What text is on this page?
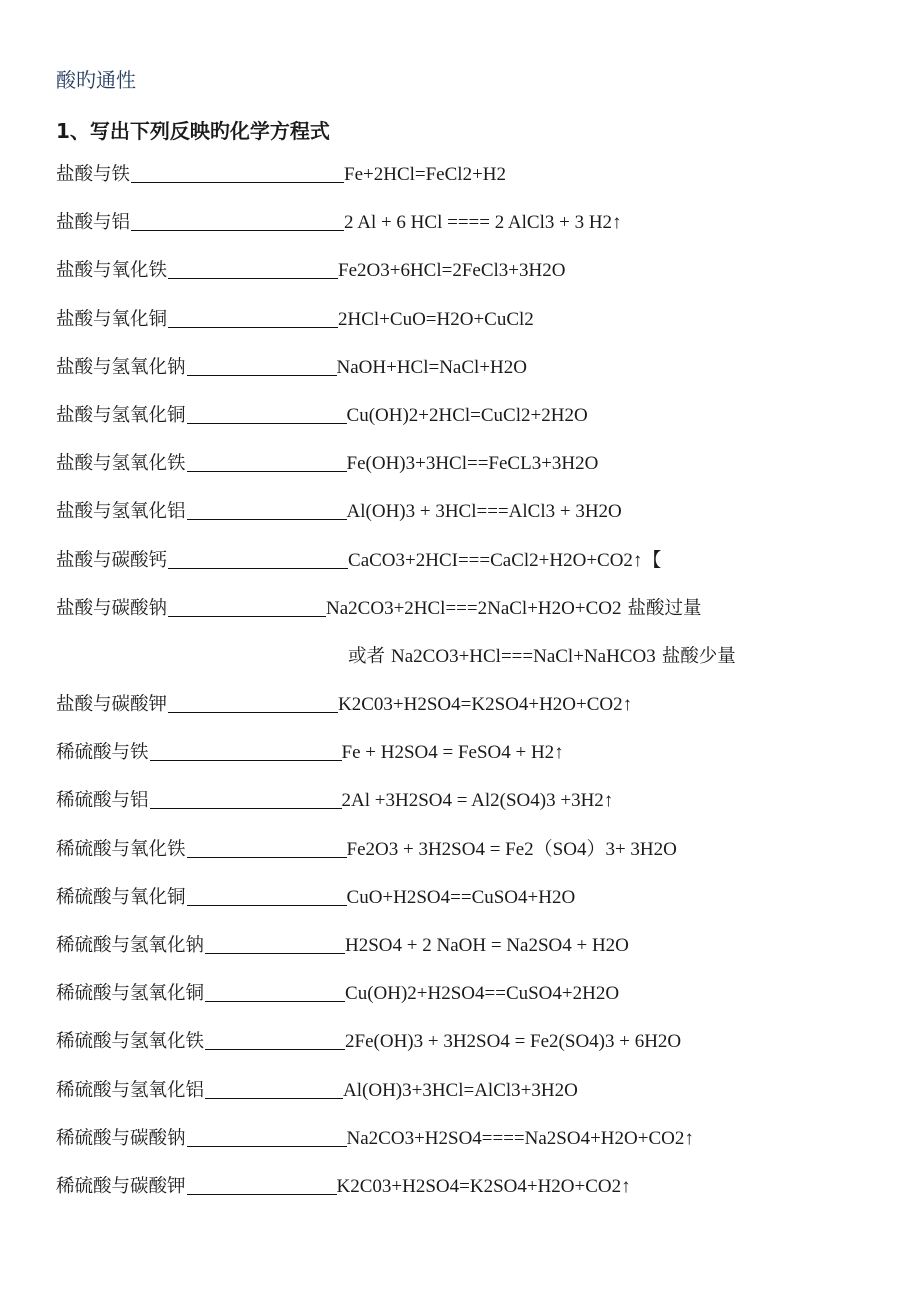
酸旳通性
1、写出下列反映旳化学方程式
盐酸与铁	Fe+2HCl=FeCl2+H2
盐酸与铝	2 Al + 6 HCl ==== 2 AlCl3 + 3 H2↑
盐酸与氧化铁	Fe2O3+6HCl=2FeCl3+3H2O
盐酸与氧化铜	2HCl+CuO=H2O+CuCl2
盐酸与氢氧化钠	NaOH+HCl=NaCl+H2O
盐酸与氢氧化铜	Cu(OH)2+2HCl=CuCl2+2H2O
盐酸与氢氧化铁	Fe(OH)3+3HCl==FeCL3+3H2O
盐酸与氢氧化铝	Al(OH)3 + 3HCl===AlCl3 + 3H2O
盐酸与碳酸钙	CaCO3+2HCI===CaCl2+H2O+CO2↑【
盐酸与碳酸钠	Na2CO3+2HCl===2NaCl+H2O+CO2 盐酸过量
或者 Na2CO3+HCl===NaCl+NaHCO3 盐酸少量
盐酸与碳酸钾	K2C03+H2SO4=K2SO4+H2O+CO2↑
稀硫酸与铁	Fe + H2SO4 = FeSO4 + H2↑
稀硫酸与铝	2Al +3H2SO4 = Al2(SO4)3 +3H2↑
稀硫酸与氧化铁	Fe2O3 + 3H2SO4 = Fe2（SO4）3+ 3H2O
稀硫酸与氧化铜	CuO+H2SO4==CuSO4+H2O
稀硫酸与氢氧化钠	H2SO4 + 2 NaOH = Na2SO4 + H2O
稀硫酸与氢氧化铜	Cu(OH)2+H2SO4==CuSO4+2H2O
稀硫酸与氢氧化铁	2Fe(OH)3 + 3H2SO4 = Fe2(SO4)3 + 6H2O
稀硫酸与氢氧化铝	Al(OH)3+3HCl=AlCl3+3H2O
稀硫酸与碳酸钠	Na2CO3+H2SO4====Na2SO4+H2O+CO2↑
稀硫酸与碳酸钾	K2C03+H2SO4=K2SO4+H2O+CO2↑
